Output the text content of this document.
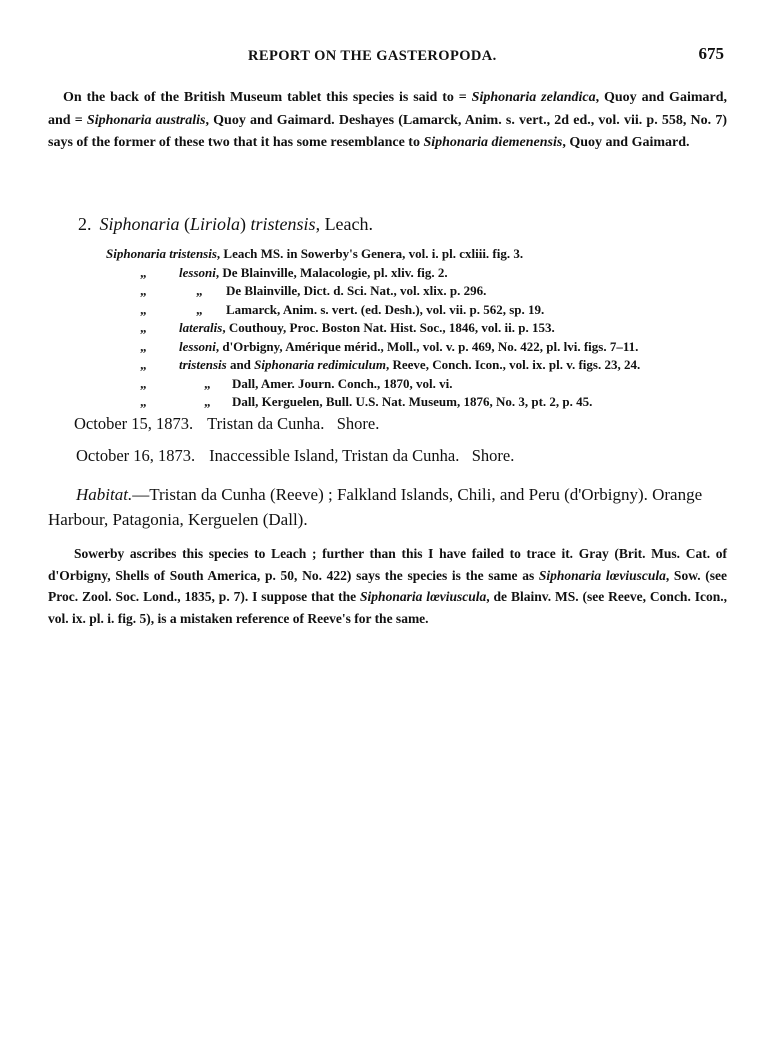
REPORT ON THE GASTEROPODA.	675
On the back of the British Museum tablet this species is said to = Siphonaria zelandica, Quoy and Gaimard, and = Siphonaria australis, Quoy and Gaimard. Deshayes (Lamarck, Anim. s. vert., 2d ed., vol. vii. p. 558, No. 7) says of the former of these two that it has some resemblance to Siphonaria diemenensis, Quoy and Gaimard.
2. Siphonaria (Liriola) tristensis, Leach.
Siphonaria tristensis, Leach MS. in Sowerby's Genera, vol. i. pl. cxliii. fig. 3.
„	lessoni, De Blainville, Malacologie, pl. xliv. fig. 2.
„	„ De Blainville, Dict. d. Sci. Nat., vol. xlix. p. 296.
„	„ Lamarck, Anim. s. vert. (ed. Desh.), vol. vii. p. 562, sp. 19.
„	lateralis, Couthouy, Proc. Boston Nat. Hist. Soc., 1846, vol. ii. p. 153.
„	lessoni, d'Orbigny, Amérique mérid., Moll., vol. v. p. 469, No. 422, pl. lvi. figs. 7–11.
„	tristensis and Siphonaria redimiculum, Reeve, Conch. Icon., vol. ix. pl. v. figs. 23, 24.
„	„ Dall, Amer. Journ. Conch., 1870, vol. vi.
„	„ Dall, Kerguelen, Bull. U.S. Nat. Museum, 1876, No. 3, pt. 2, p. 45.
October 15, 1873. Tristan da Cunha. Shore.
October 16, 1873. Inaccessible Island, Tristan da Cunha. Shore.
Habitat.—Tristan da Cunha (Reeve) ; Falkland Islands, Chili, and Peru (d'Orbigny). Orange Harbour, Patagonia, Kerguelen (Dall).
Sowerby ascribes this species to Leach ; further than this I have failed to trace it. Gray (Brit. Mus. Cat. of d'Orbigny, Shells of South America, p. 50, No. 422) says the species is the same as Siphonaria lœviuscula, Sow. (see Proc. Zool. Soc. Lond., 1835, p. 7). I suppose that the Siphonaria lœviuscula, de Blainv. MS. (see Reeve, Conch. Icon., vol. ix. pl. i. fig. 5), is a mistaken reference of Reeve's for the same.
